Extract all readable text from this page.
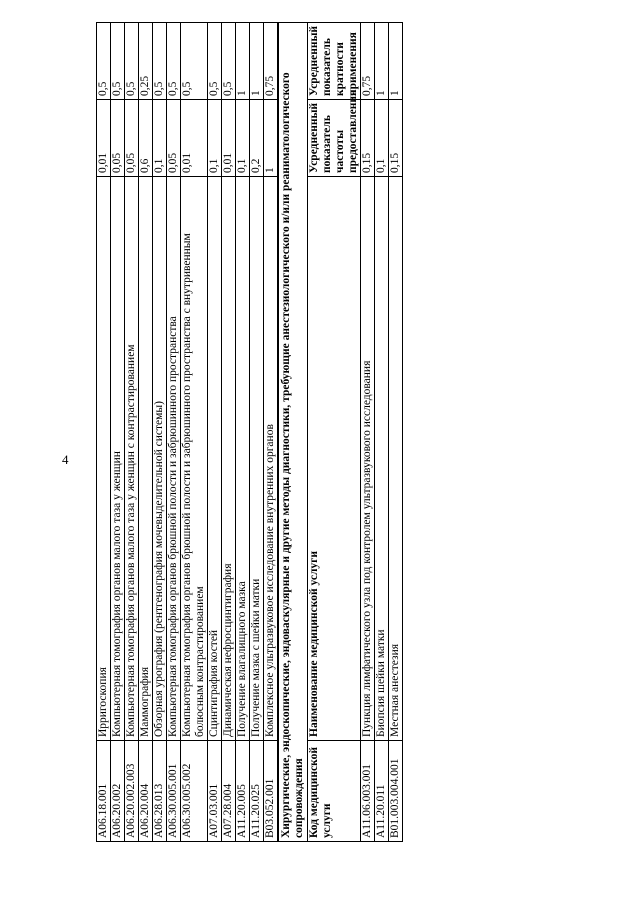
4
A06.18.001	Ирригоскопия	0,01	0,5
A06.20.002	Компьютерная томография органов малого таза у женщин	0,05	0,5
A06.20.002.003	Компьютерная томография органов малого таза у женщин с контрастированием	0,05	0,5
A06.20.004	Маммография	0,6	0,25
A06.28.013	Обзорная урография (рентгенография мочевыделительной системы)	0,1	0,5
A06.30.005.001	Компьютерная томография органов брюшной полости и забрюшинного пространства	0,05	0,5
A06.30.005.002	Компьютерная томография органов брюшной полости и забрюшинного пространства с внутривенным болюсным контрастированием	0,01	0,5
A07.03.001	Сцинтиграфия костей	0,1	0,5
A07.28.004	Динамическая нефросцинтиграфия	0,01	0,5
A11.20.005	Получение влагалищного мазка	0,1	1
A11.20.025	Получение мазка с шейки матки	0,2	1
B03.052.001	Комплексное ультразвуковое исследование внутренних органов	1	0,75
Хирургические, эндоскопические, эндоваскулярные и другие методы диагностики, требующие анестезиологического и/или реаниматологического сопровождения			
Код медицинской услуги	Наименование медицинской услуги	Усредненный показатель частоты предоставления	Усредненный показатель кратности применения
A11.06.003.001	Пункция лимфатического узла под контролем ультразвукового исследования	0,15	0,75
A11.20.011	Биопсия шейки матки	0,1	1
B01.003.004.001	Местная анестезия	0,15	1
